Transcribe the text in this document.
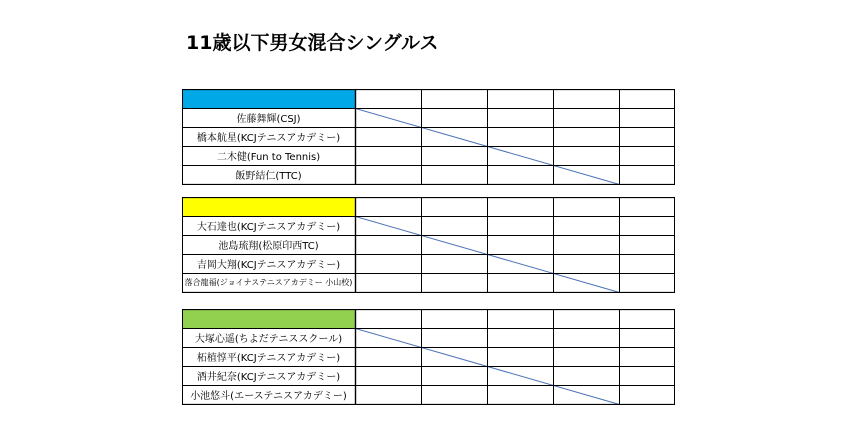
11歳以下男女混合シングルス
佐藤舞輝(CSJ)
橋本航星(KCJテニスアカデミー)
二木健(Fun to Tennis)
飯野結仁(TTC)
大石達也(KCJテニスアカデミー)
池島琉翔(松原印西TC)
吉岡大翔(KCJテニスアカデミー)
落合龍福(ジョイナステニスアカデミー 小山校)
大塚心遥(ちよだテニススクール)
柘植惇平(KCJテニスアカデミー)
酒井紀奈(KCJテニスアカデミー)
小池悠斗(エーステニスアカデミー)
